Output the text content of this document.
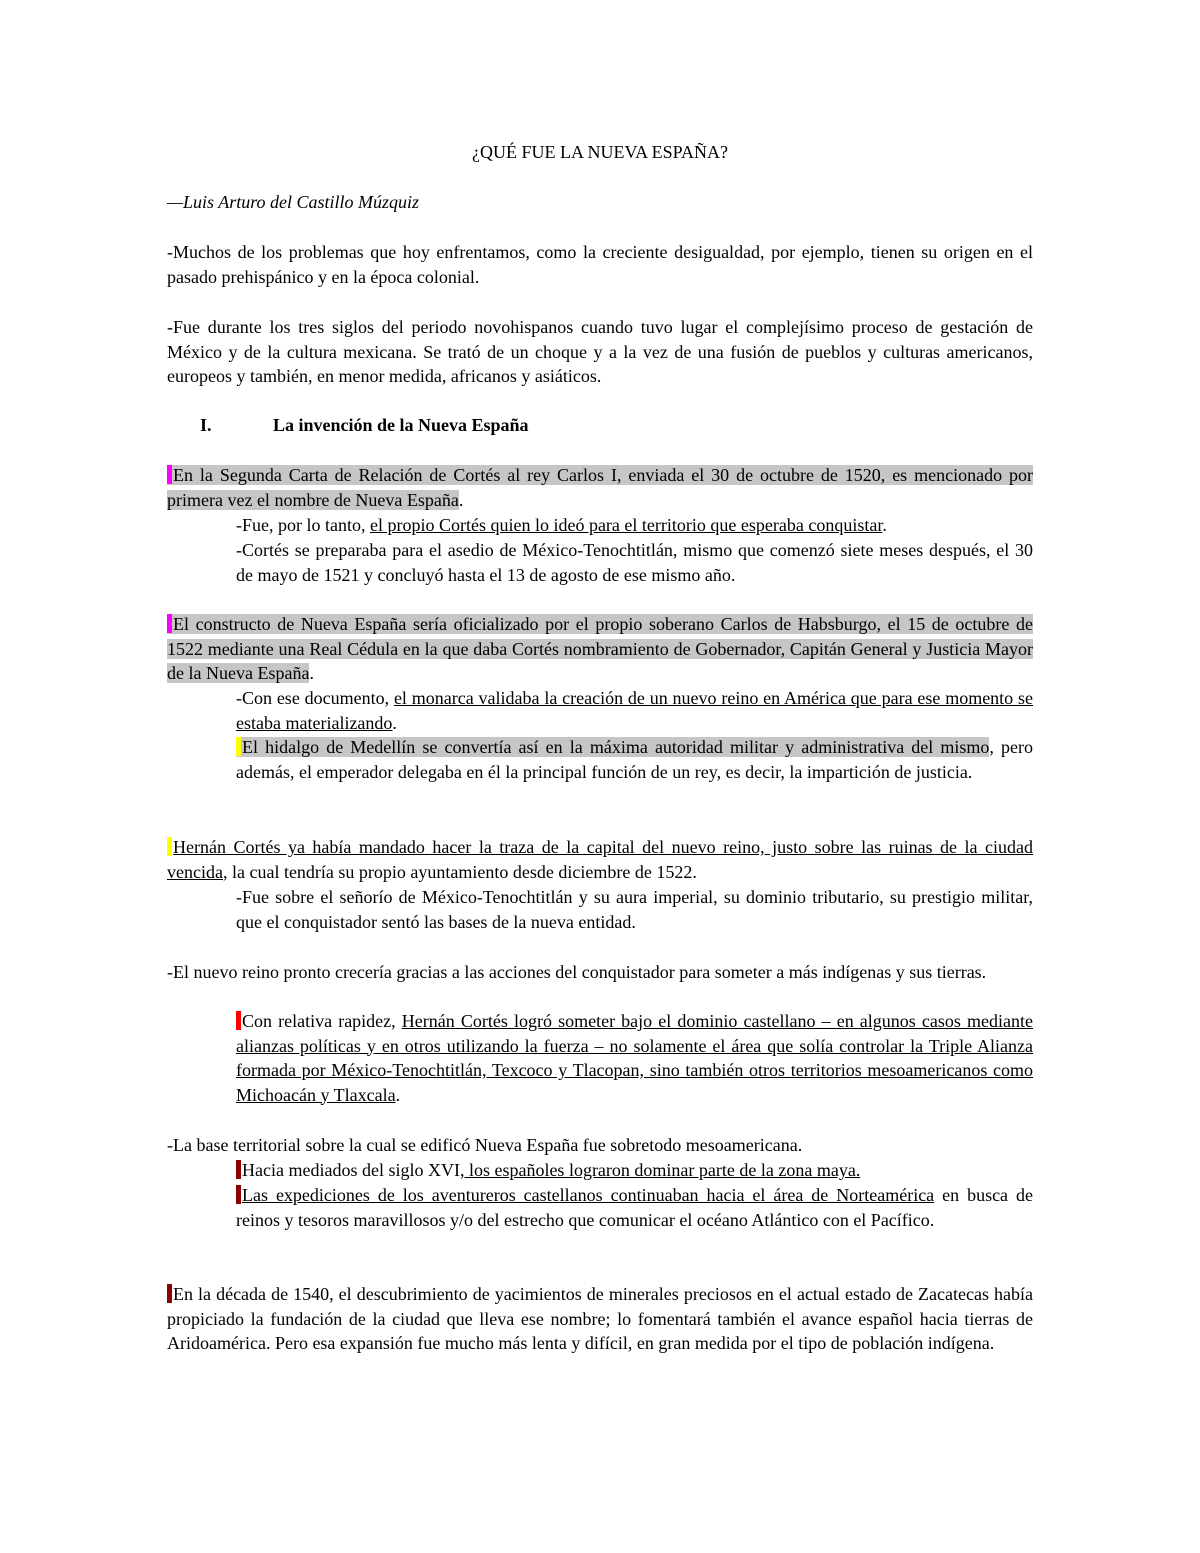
¿QUÉ FUE LA NUEVA ESPAÑA?
—Luis Arturo del Castillo Múzquiz
-Muchos de los problemas que hoy enfrentamos, como la creciente desigualdad, por ejemplo, tienen su origen en el pasado prehispánico y en la época colonial.
-Fue durante los tres siglos del periodo novohispanos cuando tuvo lugar el complejísimo proceso de gestación de México y de la cultura mexicana. Se trató de un choque y a la vez de una fusión de pueblos y culturas americanos, europeos y también, en menor medida, africanos y asiáticos.
I.	La invención de la Nueva España
En la Segunda Carta de Relación de Cortés al rey Carlos I, enviada el 30 de octubre de 1520, es mencionado por primera vez el nombre de Nueva España.
-Fue, por lo tanto, el propio Cortés quien lo ideó para el territorio que esperaba conquistar.
-Cortés se preparaba para el asedio de México-Tenochtitlán, mismo que comenzó siete meses después, el 30 de mayo de 1521 y concluyó hasta el 13 de agosto de ese mismo año.
El constructo de Nueva España sería oficializado por el propio soberano Carlos de Habsburgo, el 15 de octubre de 1522 mediante una Real Cédula en la que daba Cortés nombramiento de Gobernador, Capitán General y Justicia Mayor de la Nueva España.
-Con ese documento, el monarca validaba la creación de un nuevo reino en América que para ese momento se estaba materializando.
El hidalgo de Medellín se convertía así en la máxima autoridad militar y administrativa del mismo, pero además, el emperador delegaba en él la principal función de un rey, es decir, la impartición de justicia.
Hernán Cortés ya había mandado hacer la traza de la capital del nuevo reino, justo sobre las ruinas de la ciudad vencida, la cual tendría su propio ayuntamiento desde diciembre de 1522.
-Fue sobre el señorío de México-Tenochtitlán y su aura imperial, su dominio tributario, su prestigio militar, que el conquistador sentó las bases de la nueva entidad.
-El nuevo reino pronto crecería gracias a las acciones del conquistador para someter a más indígenas y sus tierras.
Con relativa rapidez, Hernán Cortés logró someter bajo el dominio castellano – en algunos casos mediante alianzas políticas y en otros utilizando la fuerza – no solamente el área que solía controlar la Triple Alianza formada por México-Tenochtitlán, Texcoco y Tlacopan, sino también otros territorios mesoamericanos como Michoacán y Tlaxcala.
-La base territorial sobre la cual se edificó Nueva España fue sobretodo mesoamericana.
Hacia mediados del siglo XVI, los españoles lograron dominar parte de la zona maya.
Las expediciones de los aventureros castellanos continuaban hacia el área de Norteamérica en busca de reinos y tesoros maravillosos y/o del estrecho que comunicar el océano Atlántico con el Pacífico.
En la década de 1540, el descubrimiento de yacimientos de minerales preciosos en el actual estado de Zacatecas había propiciado la fundación de la ciudad que lleva ese nombre; lo fomentará también el avance español hacia tierras de Aridoamérica. Pero esa expansión fue mucho más lenta y difícil, en gran medida por el tipo de población indígena.
